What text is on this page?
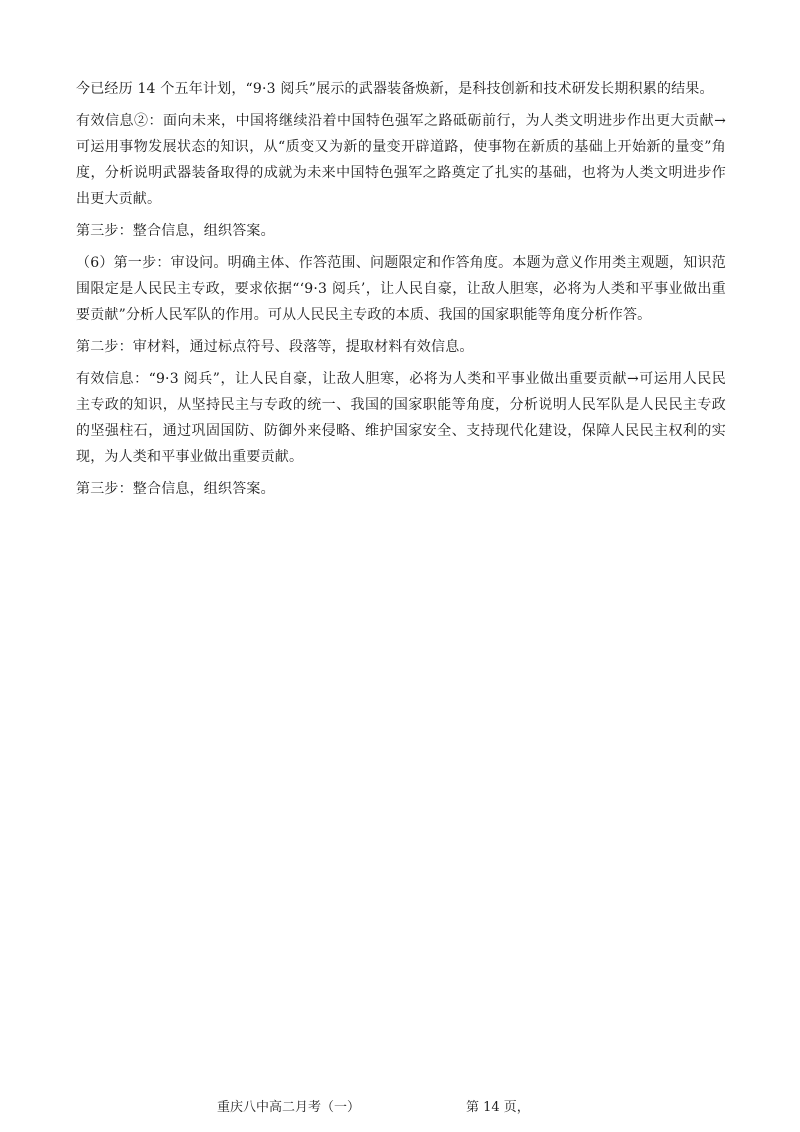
今已经历 14 个五年计划，“9·3 阅兵”展示的武器装备焕新，是科技创新和技术研发长期积累的结果。

有效信息②：面向未来，中国将继续沿着中国特色强军之路砥砺前行，为人类文明进步作出更大贡献→可运用事物发展状态的知识，从“质变又为新的量变开辟道路，使事物在新质的基础上开始新的量变”角度，分析说明武器装备取得的成就为未来中国特色强军之路奠定了扎实的基础，也将为人类文明进步作出更大贡献。

第三步：整合信息，组织答案。

（6）第一步：审设问。明确主体、作答范围、问题限定和作答角度。本题为意义作用类主观题，知识范围限定是人民民主专政，要求依据“‘9·3 阅兵’，让人民自豪，让敌人胆寒，必将为人类和平事业做出重要贡献”分析人民军队的作用。可从人民民主专政的本质、我国的国家职能等角度分析作答。

第二步：审材料，通过标点符号、段落等，提取材料有效信息。

有效信息：“9·3 阅兵”，让人民自豪，让敌人胆寒，必将为人类和平事业做出重要贡献→可运用人民民主专政的知识，从坚持民主与专政的统一、我国的国家职能等角度，分析说明人民军队是人民民主专政的坚强柱石，通过巩固国防、防御外来侵略、维护国家安全、支持现代化建设，保障人民民主权利的实现，为人类和平事业做出重要贡献。

第三步：整合信息，组织答案。

重庆八中高二月考（一）	第 14 页，
